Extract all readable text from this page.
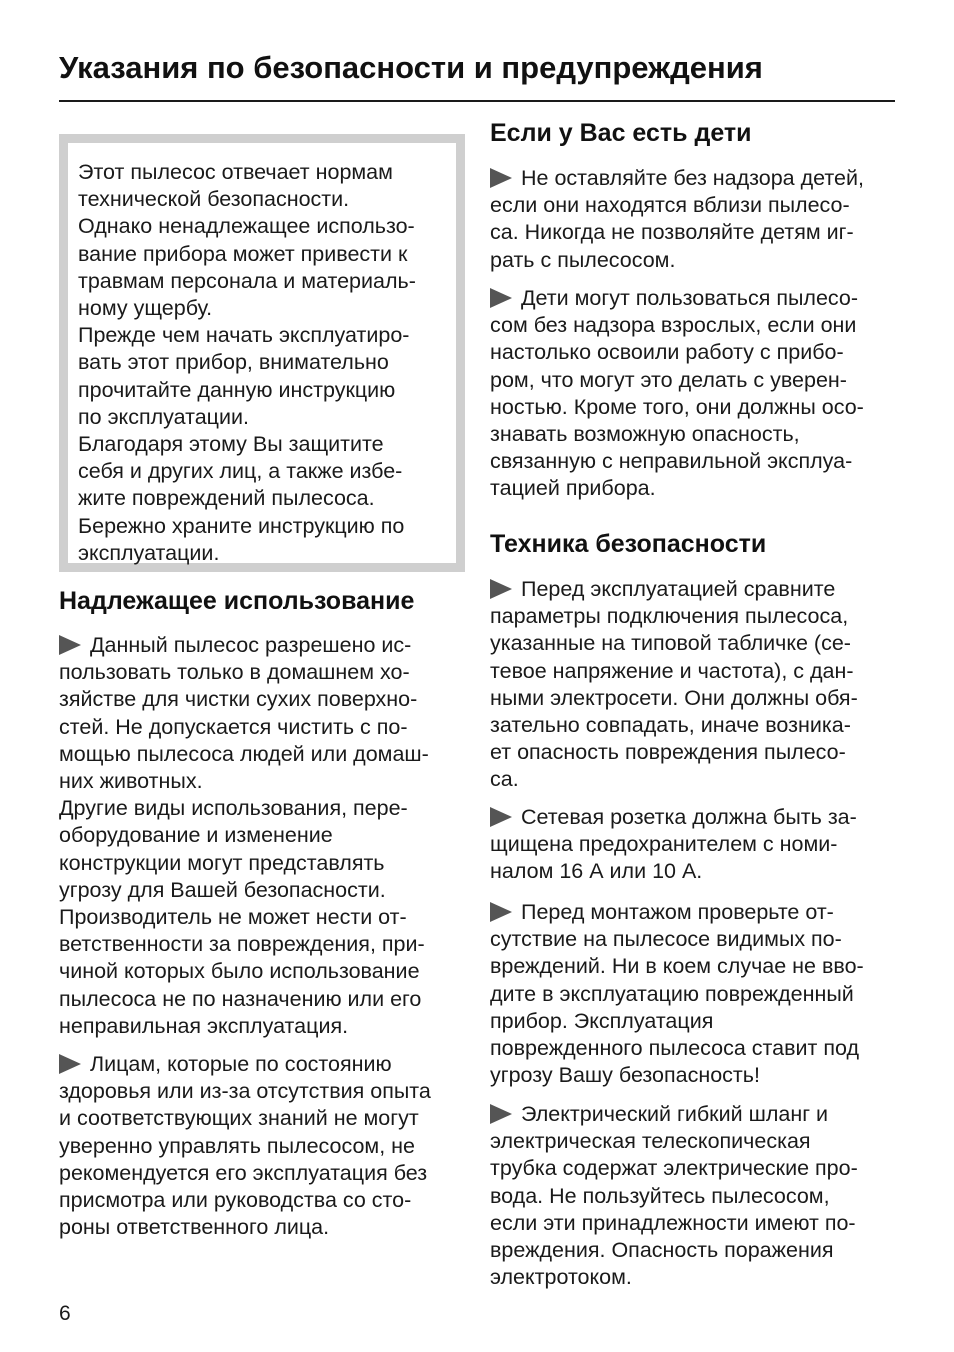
Указания по безопасности и предупреждения

Этот пылесос отвечает нормам
технической безопасности.
Однако ненадлежащее использо-
вание прибора может привести к
травмам персонала и материаль-
ному ущербу.
Прежде чем начать эксплуатиро-
вать этот прибор, внимательно
прочитайте данную инструкцию
по эксплуатации.
Благодаря этому Вы защитите
себя и других лиц, а также избе-
жите повреждений пылесоса.
Бережно храните инструкцию по
эксплуатации.

Надлежащее использование

Данный пылесос разрешено ис-
пользовать только в домашнем хо-
зяйстве для чистки сухих поверхно-
стей. Не допускается чистить с по-
мощью пылесоса людей или домаш-
них животных.
Другие виды использования, пере-
оборудование и изменение
конструкции могут представлять
угрозу для Вашей безопасности.
Производитель не может нести от-
ветственности за повреждения, при-
чиной которых было использование
пылесоса не по назначению или его
неправильная эксплуатация.

Лицам, которые по состоянию
здоровья или из-за отсутствия опыта
и соответствующих знаний не могут
уверенно управлять пылесосом, не
рекомендуется его эксплуатация без
присмотра или руководства со сто-
роны ответственного лица.

Если у Вас есть дети

Не оставляйте без надзора детей,
если они находятся вблизи пылесо-
са. Никогда не позволяйте детям иг-
рать с пылесосом.

Дети могут пользоваться пылесо-
сом без надзора взрослых, если они
настолько освоили работу с прибо-
ром, что могут это делать с уверен-
ностью. Кроме того, они должны осо-
знавать возможную опасность,
связанную с неправильной эксплуа-
тацией прибора.

Техника безопасности

Перед эксплуатацией сравните
параметры подключения пылесоса,
указанные на типовой табличке (се-
тевое напряжение и частота), с дан-
ными электросети. Они должны обя-
зательно совпадать, иначе возника-
ет опасность повреждения пылесо-
са.

Сетевая розетка должна быть за-
щищена предохранителем с номи-
налом 16 А или 10 А.

Перед монтажом проверьте от-
сутствие на пылесосе видимых по-
вреждений. Ни в коем случае не вво-
дите в эксплуатацию поврежденный
прибор. Эксплуатация
поврежденного пылесоса ставит под
угрозу Вашу безопасность!

Электрический гибкий шланг и
электрическая телескопическая
трубка содержат электрические про-
вода. Не пользуйтесь пылесосом,
если эти принадлежности имеют по-
вреждения. Опасность поражения
электротоком.

6
